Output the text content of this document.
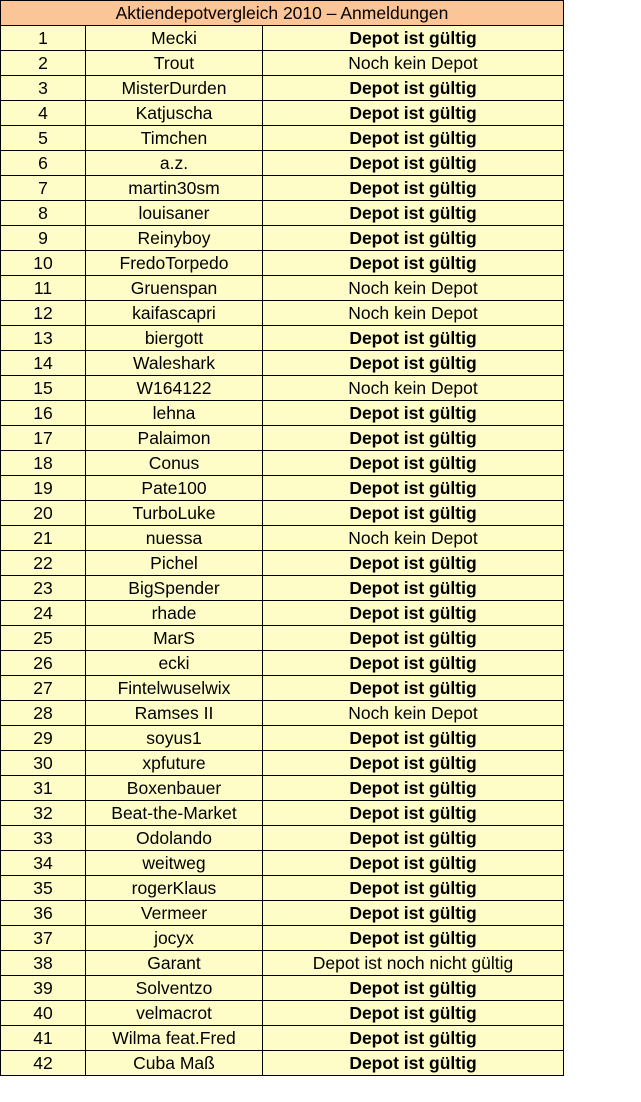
Aktiendepotvergleich 2010 – Anmeldungen		
1	Mecki	Depot ist gültig
2	Trout	Noch kein Depot
3	MisterDurden	Depot ist gültig
4	Katjuscha	Depot ist gültig
5	Timchen	Depot ist gültig
6	a.z.	Depot ist gültig
7	martin30sm	Depot ist gültig
8	louisaner	Depot ist gültig
9	Reinyboy	Depot ist gültig
10	FredoTorpedo	Depot ist gültig
11	Gruenspan	Noch kein Depot
12	kaifascapri	Noch kein Depot
13	biergott	Depot ist gültig
14	Waleshark	Depot ist gültig
15	W164122	Noch kein Depot
16	lehna	Depot ist gültig
17	Palaimon	Depot ist gültig
18	Conus	Depot ist gültig
19	Pate100	Depot ist gültig
20	TurboLuke	Depot ist gültig
21	nuessa	Noch kein Depot
22	Pichel	Depot ist gültig
23	BigSpender	Depot ist gültig
24	rhade	Depot ist gültig
25	MarS	Depot ist gültig
26	ecki	Depot ist gültig
27	Fintelwuselwix	Depot ist gültig
28	Ramses II	Noch kein Depot
29	soyus1	Depot ist gültig
30	xpfuture	Depot ist gültig
31	Boxenbauer	Depot ist gültig
32	Beat-the-Market	Depot ist gültig
33	Odolando	Depot ist gültig
34	weitweg	Depot ist gültig
35	rogerKlaus	Depot ist gültig
36	Vermeer	Depot ist gültig
37	jocyx	Depot ist gültig
38	Garant	Depot ist noch nicht gültig
39	Solventzo	Depot ist gültig
40	velmacrot	Depot ist gültig
41	Wilma feat.Fred	Depot ist gültig
42	Cuba Maß	Depot ist gültig
